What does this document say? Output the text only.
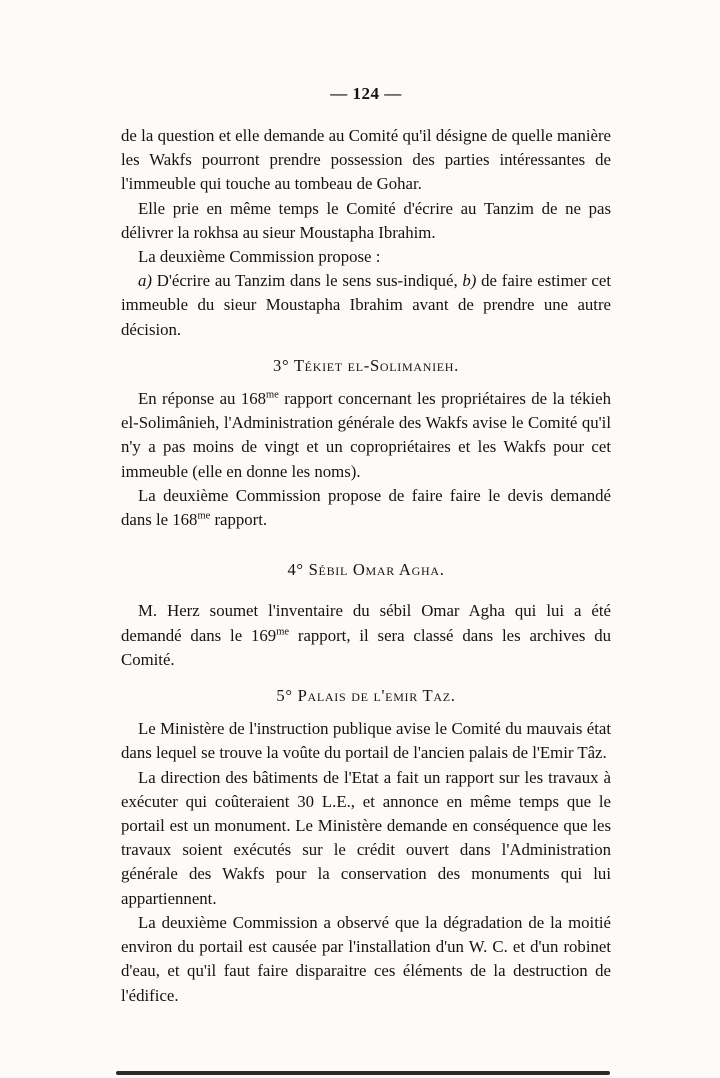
— 124 —

de la question et elle demande au Comité qu'il désigne de quelle manière les Wakfs pourront prendre possession des parties intéressantes de l'immeuble qui touche au tombeau de Gohar.

Elle prie en même temps le Comité d'écrire au Tanzim de ne pas délivrer la rokhsa au sieur Moustapha Ibrahim.

La deuxième Commission propose :

a) D'écrire au Tanzim dans le sens sus-indiqué, b) de faire estimer cet immeuble du sieur Moustapha Ibrahim avant de prendre une autre décision.

3° Tékiet el-Solimanieh.

En réponse au $168^{me}$ rapport concernant les propriétaires de la tékieh el-Solimânieh, l'Administration générale des Wakfs avise le Comité qu'il n'y a pas moins de vingt et un copropriétaires et les Wakfs pour cet immeuble (elle en donne les noms).

La deuxième Commission propose de faire faire le devis demandé dans le $168^{me}$ rapport.

4° Sébil Omar Agha.

M. Herz soumet l'inventaire du sébil Omar Agha qui lui a été demandé dans le $169^{me}$ rapport, il sera classé dans les archives du Comité.

5° Palais de l'emir Taz.

Le Ministère de l'instruction publique avise le Comité du mauvais état dans lequel se trouve la voûte du portail de l'ancien palais de l'Emir Tâz.

La direction des bâtiments de l'Etat a fait un rapport sur les travaux à exécuter qui coûteraient 30 L.E., et annonce en même temps que le portail est un monument. Le Ministère demande en conséquence que les travaux soient exécutés sur le crédit ouvert dans l'Administration générale des Wakfs pour la conservation des monuments qui lui appartiennent.

La deuxième Commission a observé que la dégradation de la moitié environ du portail est causée par l'installation d'un W. C. et d'un robinet d'eau, et qu'il faut faire disparaitre ces éléments de la destruction de l'édifice.
